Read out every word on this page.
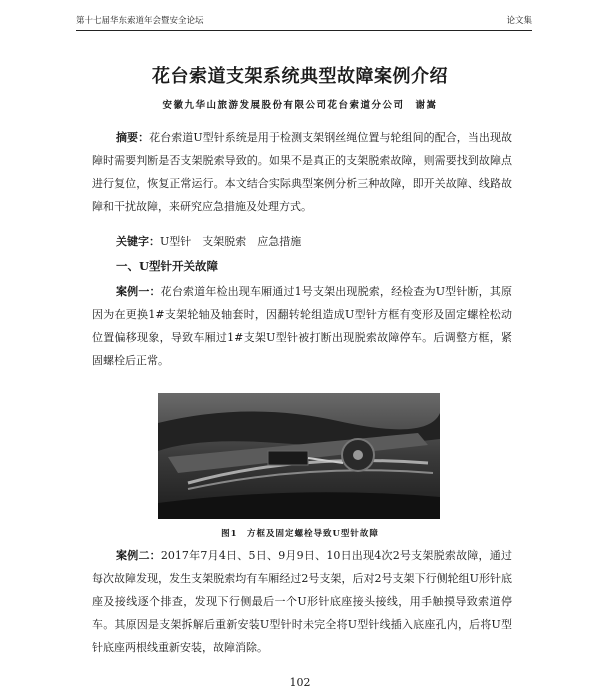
第十七届华东索道年会暨安全论坛	论文集
花台索道支架系统典型故障案例介绍
安徽九华山旅游发展股份有限公司花台索道分公司　谢嵩

摘要：花台索道U型针系统是用于检测支架钢丝绳位置与轮组间的配合，当出现故障时需要判断是否支架脱索导致的。如果不是真正的支架脱索故障，则需要找到故障点进行复位，恢复正常运行。本文结合实际典型案例分析三种故障，即开关故障、线路故障和干扰故障，来研究应急措施及处理方式。

关键字：U型针　支架脱索　应急措施
一、U型针开关故障

案例一：花台索道年检出现车厢通过1号支架出现脱索，经检查为U型针断，其原因为在更换1#支架轮轴及轴套时，因翻转轮组造成U型针方框有变形及固定螺栓松动位置偏移现象，导致车厢过1#支架U型针被打断出现脱索故障停车。后调整方框，紧固螺栓后正常。

图1　方框及固定螺栓导致U型针故障

案例二：2017年7月4日、5日、9月9日、10日出现4次2号支架脱索故障，通过每次故障发现，发生支架脱索均有车厢经过2号支架，后对2号支架下行侧轮组U形针底座及接线逐个排查，发现下行侧最后一个U形针底座接头接线，用手触摸导致索道停车。其原因是支架拆解后重新安装U型针时未完全将U型针线插入底座孔内，后将U型针底座两根线重新安装，故障消除。

102
